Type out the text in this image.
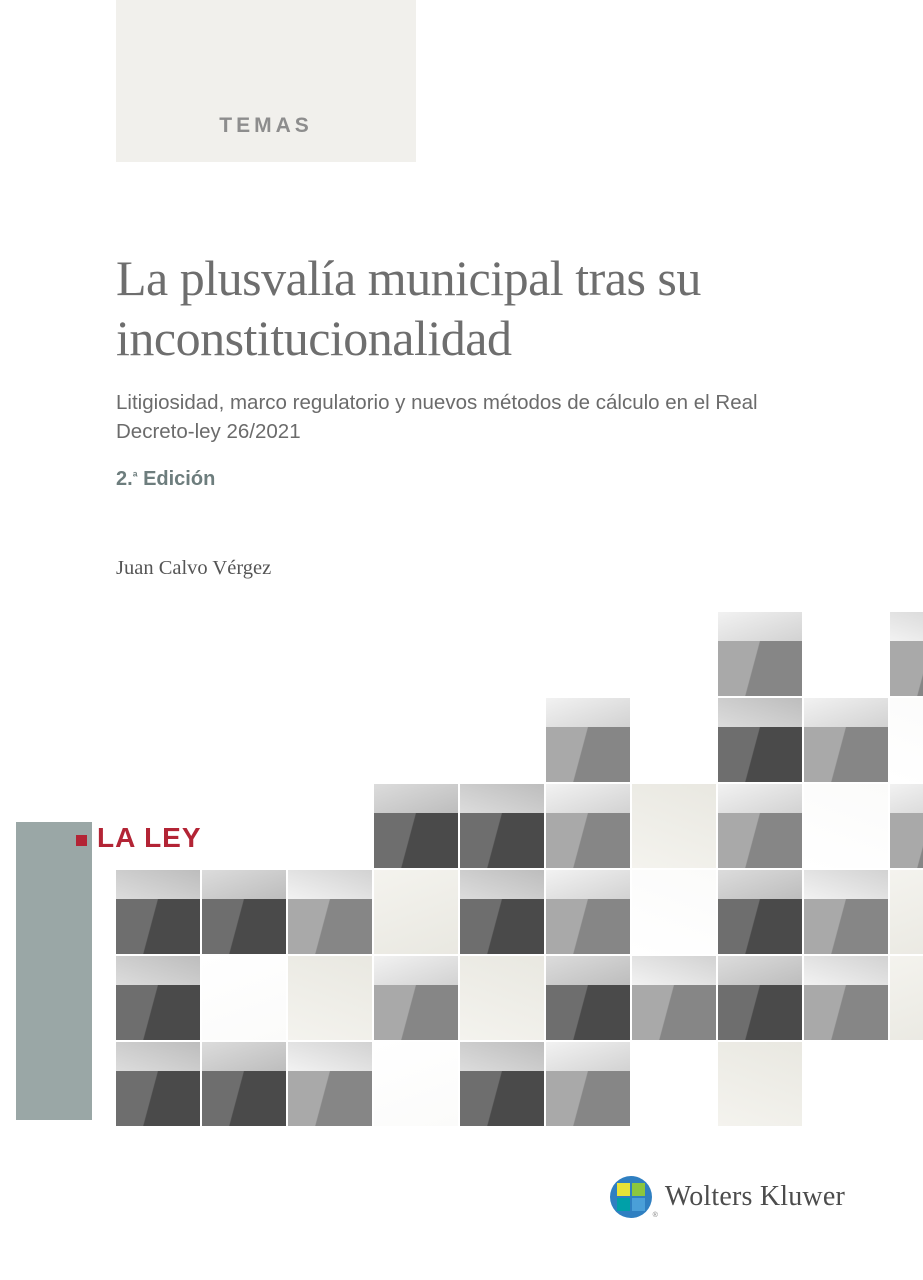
TEMAS
La plusvalía municipal tras su inconstitucionalidad

Litigiosidad, marco regulatorio y nuevos métodos de cálculo en el Real Decreto-ley 26/2021

2.$^ª$ Edición

Juan Calvo Vérgez

LA LEY
®
Wolters Kluwer
